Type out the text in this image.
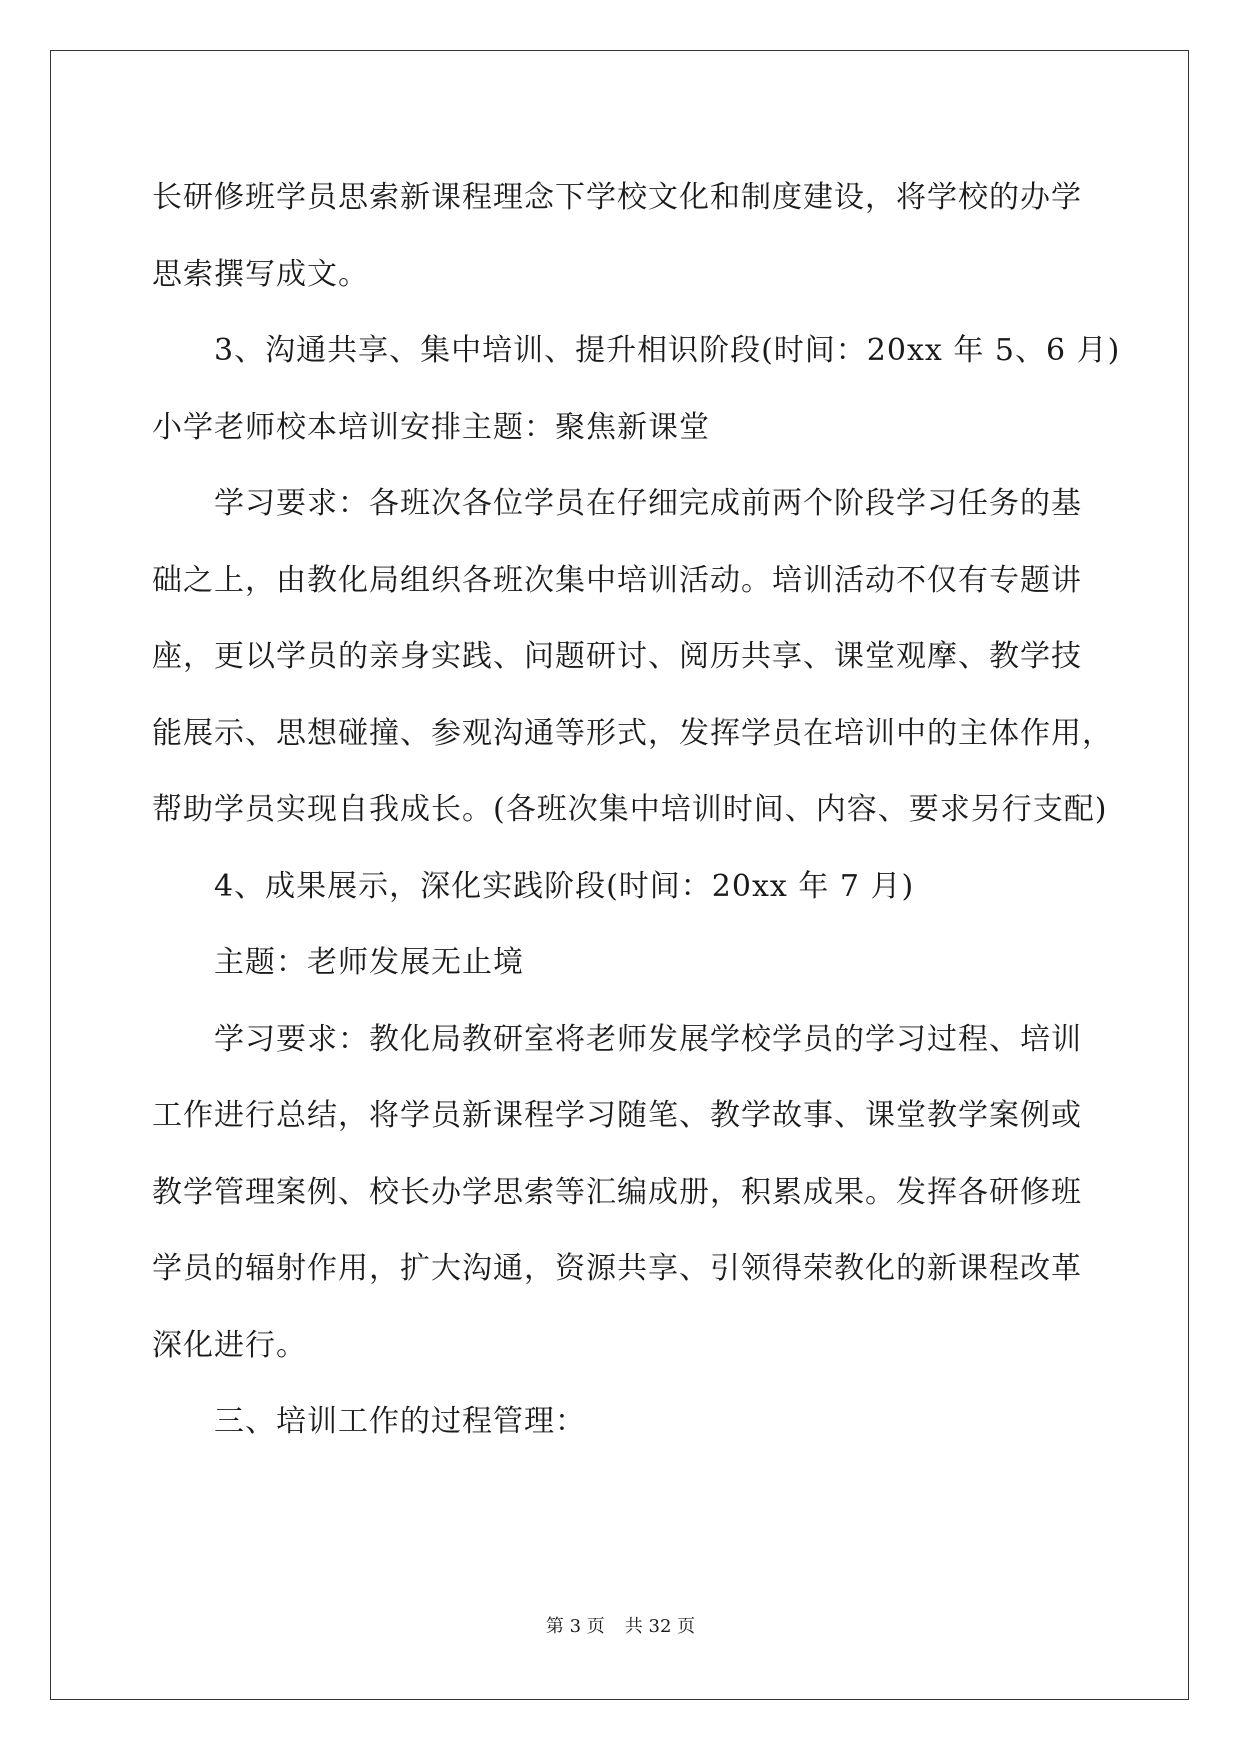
长研修班学员思索新课程理念下学校文化和制度建设，将学校的办学

思索撰写成文。

3、沟通共享、集中培训、提升相识阶段(时间：20xx 年 5、6 月)

小学老师校本培训安排主题：聚焦新课堂

学习要求：各班次各位学员在仔细完成前两个阶段学习任务的基

础之上，由教化局组织各班次集中培训活动。培训活动不仅有专题讲

座，更以学员的亲身实践、问题研讨、阅历共享、课堂观摩、教学技

能展示、思想碰撞、参观沟通等形式，发挥学员在培训中的主体作用，

帮助学员实现自我成长。(各班次集中培训时间、内容、要求另行支配)

4、成果展示，深化实践阶段(时间：20xx 年 7 月)

主题：老师发展无止境

学习要求：教化局教研室将老师发展学校学员的学习过程、培训

工作进行总结，将学员新课程学习随笔、教学故事、课堂教学案例或

教学管理案例、校长办学思索等汇编成册，积累成果。发挥各研修班

学员的辐射作用，扩大沟通，资源共享、引领得荣教化的新课程改革

深化进行。

三、培训工作的过程管理：

第 3 页 共 32 页
